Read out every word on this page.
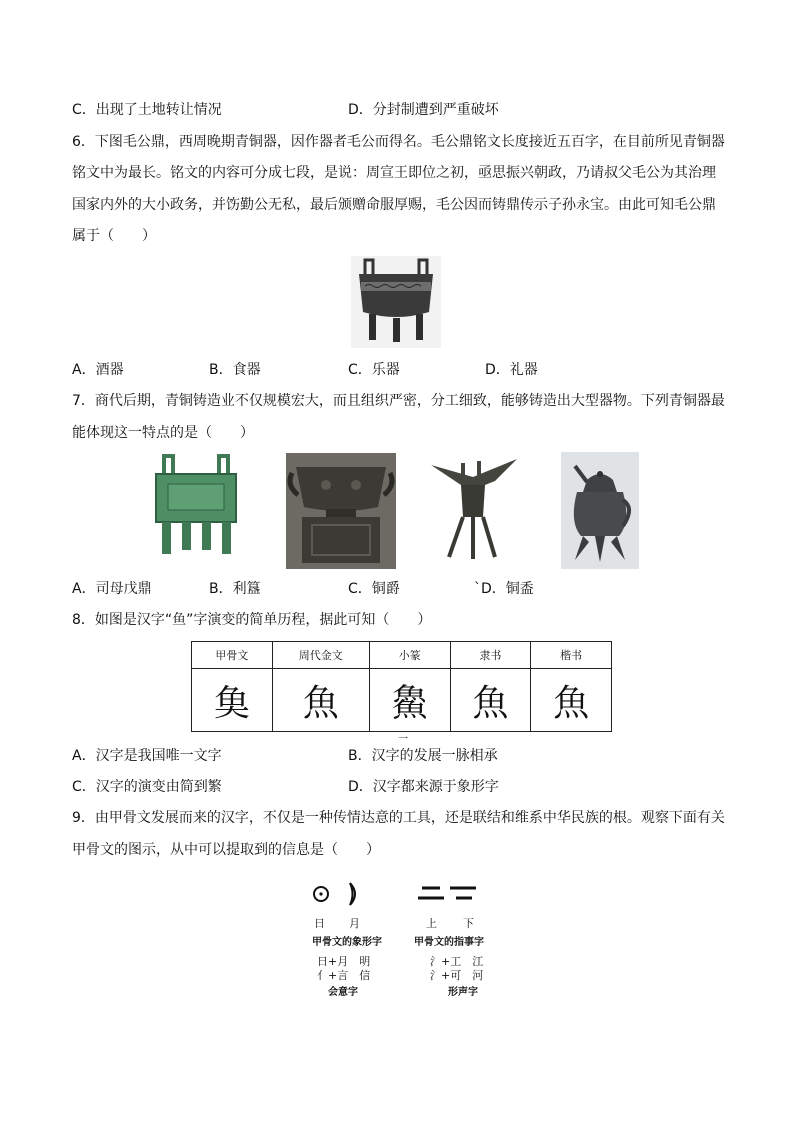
C．出现了土地转让情况	D．分封制遭到严重破坏
6．下图毛公鼎，西周晚期青铜器，因作器者毛公而得名。毛公鼎铭文长度接近五百字，在目前所见青铜器
铭文中为最长。铭文的内容可分成七段，是说：周宣王即位之初，亟思振兴朝政，乃请叔父毛公为其治理
国家内外的大小政务，并饬勤公无私，最后颁赠命服厚赐，毛公因而铸鼎传示子孙永宝。由此可知毛公鼎
属于（　　）
A．酒器	B．食器	C．乐器	D．礼器
7．商代后期，青铜铸造业不仅规模宏大，而且组织严密，分工细致，能够铸造出大型器物。下列青铜器最
能体现这一特点的是（　　）
A．司母戊鼎	B．利簋	C．铜爵	`D．铜盉
8．如图是汉字“鱼”字演变的简单历程，据此可知（　　）
甲骨文	周代金文	小篆	隶书	楷书
𩵋	魚	𩺰	魚	魚
一
A．汉字是我国唯一文字	B．汉字的发展一脉相承
C．汉字的演变由简到繁	D．汉字都来源于象形字
9．由甲骨文发展而来的汉字，不仅是一种传情达意的工具，还是联结和维系中华民族的根。观察下面有关
甲骨文的图示，从中可以提取到的信息是（　　）
日 月	上 下
甲骨文的象形字	甲骨文的指事字
日+月　明
亻+言　信
氵+工　江
氵+可　河
会意字	形声字
